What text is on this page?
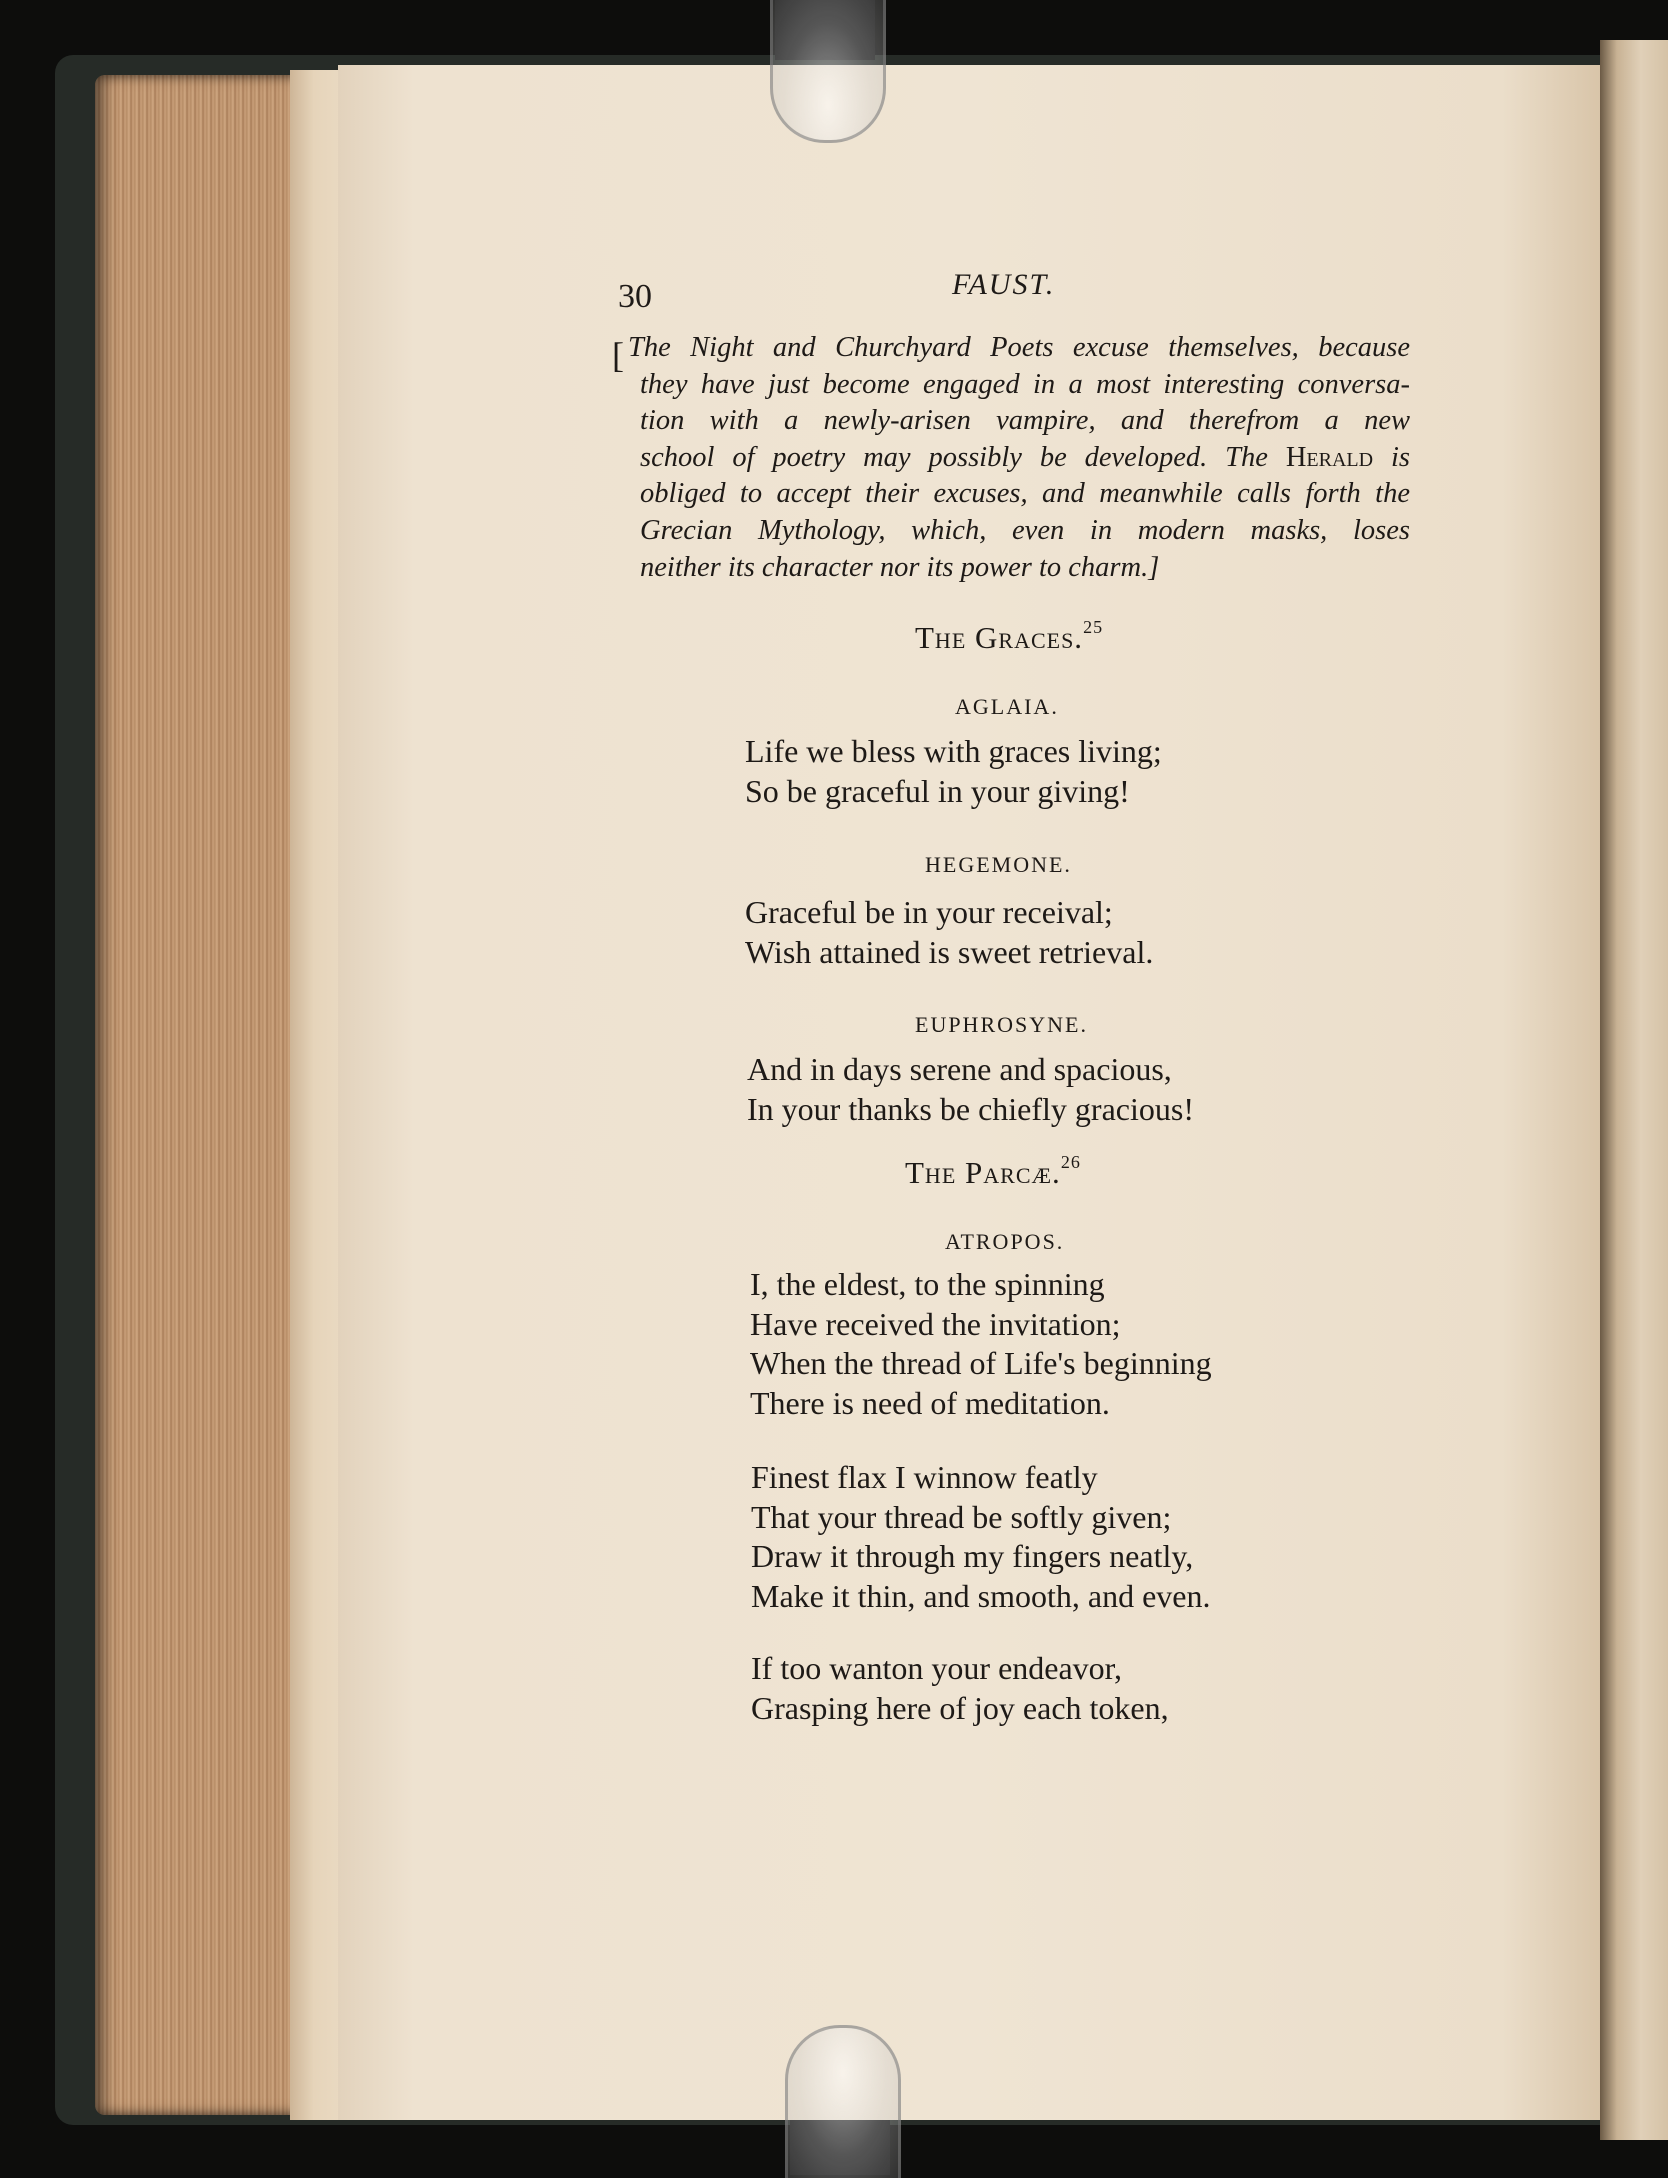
30	FAUST.
[ The Night and Churchyard Poets excuse themselves, because
they have just become engaged in a most interesting conversa-
tion with a newly-arisen vampire, and therefrom a new
school of poetry may possibly be developed. The Herald is
obliged to accept their excuses, and meanwhile calls forth the
Grecian Mythology, which, even in modern masks, loses
neither its character nor its power to charm.]
The Graces.$^{25}$
AGLAIA.
Life we bless with graces living;
So be graceful in your giving!
HEGEMONE.
Graceful be in your receival;
Wish attained is sweet retrieval.
EUPHROSYNE.
And in days serene and spacious,
In your thanks be chiefly gracious!
The Parcæ.$^{26}$
ATROPOS.
I, the eldest, to the spinning
Have received the invitation;
When the thread of Life's beginning
There is need of meditation.
Finest flax I winnow featly
That your thread be softly given;
Draw it through my fingers neatly,
Make it thin, and smooth, and even.
If too wanton your endeavor,
Grasping here of joy each token,
